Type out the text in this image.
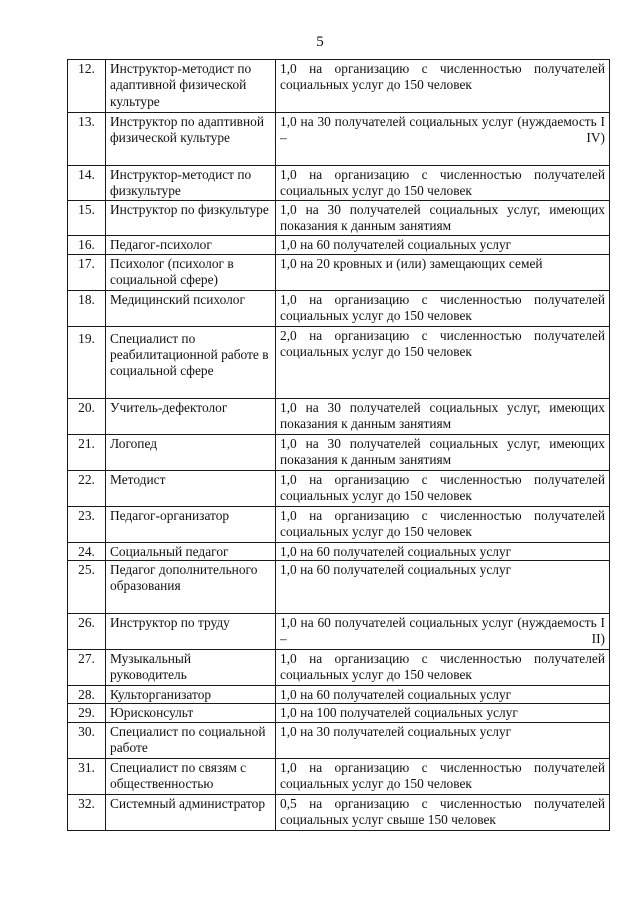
5
12.	Инструктор-методист по адаптивной физической культуре	1,0 на организацию с численностью получателей социальных услуг до 150 человек
13.	Инструктор по адаптивной физической культуре	1,0 на 30 получателей социальных услуг (нуждаемость I – IV)
14.	Инструктор-методист по физкультуре	1,0 на организацию с численностью получателей социальных услуг до 150 человек
15.	Инструктор по физкультуре	1,0 на 30 получателей социальных услуг, имеющих показания к данным занятиям
16.	Педагог-психолог	1,0 на 60 получателей социальных услуг
17.	Психолог (психолог в социальной сфере)	1,0 на 20 кровных и (или) замещающих семей
18.	Медицинский психолог	1,0 на организацию с численностью получателей социальных услуг до 150 человек
19.	Специалист по реабилитационной работе в социальной сфере	2,0 на организацию с численностью получателей социальных услуг до 150 человек
20.	Учитель-дефектолог	1,0 на 30 получателей социальных услуг, имеющих показания к данным занятиям
21.	Логопед	1,0 на 30 получателей социальных услуг, имеющих показания к данным занятиям
22.	Методист	1,0 на организацию с численностью получателей социальных услуг до 150 человек
23.	Педагог-организатор	1,0 на организацию с численностью получателей социальных услуг до 150 человек
24.	Социальный педагог	1,0 на 60 получателей социальных услуг
25.	Педагог дополнительного образования	1,0 на 60 получателей социальных услуг
26.	Инструктор по труду	1,0 на 60 получателей социальных услуг (нуждаемость I – II)
27.	Музыкальный руководитель	1,0 на организацию с численностью получателей социальных услуг до 150 человек
28.	Культорганизатор	1,0 на 60 получателей социальных услуг
29.	Юрисконсульт	1,0 на 100 получателей социальных услуг
30.	Специалист по социальной работе	1,0 на 30 получателей социальных услуг
31.	Специалист по связям с общественностью	1,0 на организацию с численностью получателей социальных услуг до 150 человек
32.	Системный администратор	0,5 на организацию с численностью получателей социальных услуг свыше 150 человек
